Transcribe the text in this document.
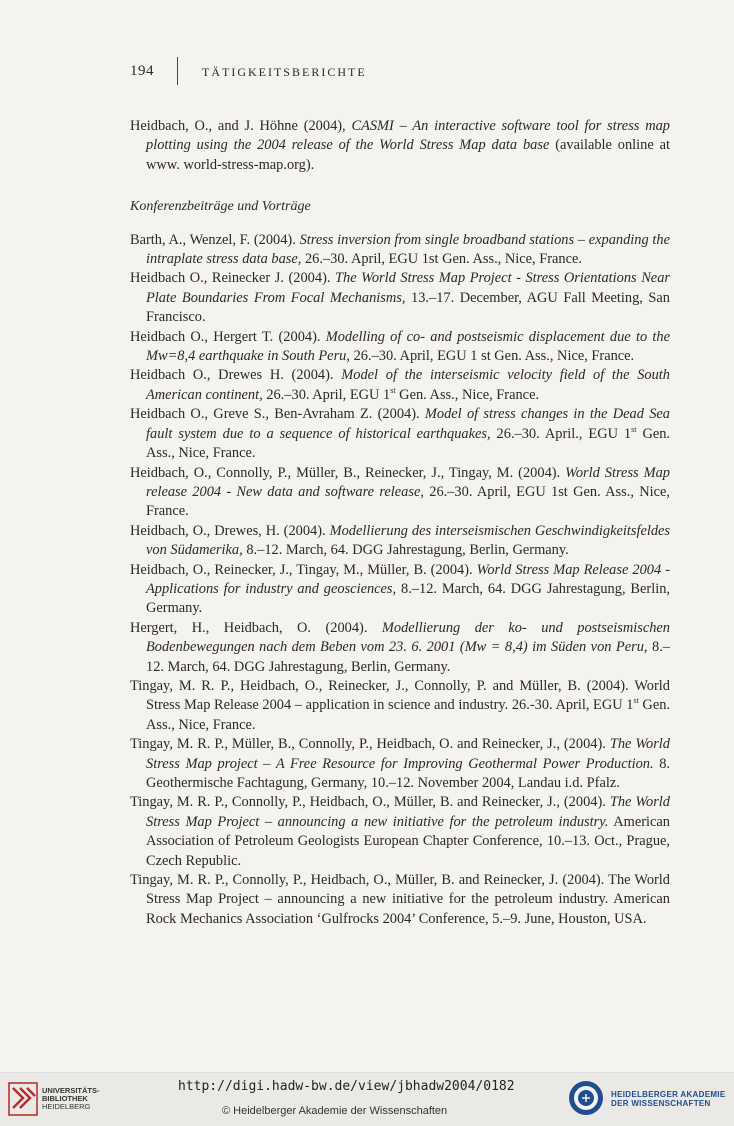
194	TÄTIGKEITSBERICHTE

Heidbach, O., and J. Höhne (2004), CASMI – An interactive software tool for stress map plotting using the 2004 release of the World Stress Map data base (available online at www. world-stress-map.org).

Konferenzbeiträge und Vorträge

Barth, A., Wenzel, F. (2004). Stress inversion from single broadband stations – expanding the intraplate stress data base, 26.–30. April, EGU 1st Gen. Ass., Nice, France.

Heidbach O., Reinecker J. (2004). The World Stress Map Project - Stress Orientations Near Plate Boundaries From Focal Mechanisms, 13.–17. December, AGU Fall Meeting, San Francisco.

Heidbach O., Hergert T. (2004). Modelling of co- and postseismic displacement due to the Mw=8,4 earthquake in South Peru, 26.–30. April, EGU 1 st Gen. Ass., Nice, France.

Heidbach O., Drewes H. (2004). Model of the interseismic velocity field of the South American continent, 26.–30. April, EGU 1st Gen. Ass., Nice, France.

Heidbach O., Greve S., Ben-Avraham Z. (2004). Model of stress changes in the Dead Sea fault system due to a sequence of historical earthquakes, 26.–30. April., EGU 1st Gen. Ass., Nice, France.

Heidbach, O., Connolly, P., Müller, B., Reinecker, J., Tingay, M. (2004). World Stress Map release 2004 - New data and software release, 26.–30. April, EGU 1st Gen. Ass., Nice, France.

Heidbach, O., Drewes, H. (2004). Modellierung des interseismischen Geschwindigkeitsfeldes von Südamerika, 8.–12. March, 64. DGG Jahrestagung, Berlin, Germany.

Heidbach, O., Reinecker, J., Tingay, M., Müller, B. (2004). World Stress Map Release 2004 - Applications for industry and geosciences, 8.–12. March, 64. DGG Jahrestagung, Berlin, Germany.

Hergert, H., Heidbach, O. (2004). Modellierung der ko- und postseismischen Bodenbewegungen nach dem Beben vom 23. 6. 2001 (Mw = 8,4) im Süden von Peru, 8.–12. March, 64. DGG Jahrestagung, Berlin, Germany.

Tingay, M. R. P., Heidbach, O., Reinecker, J., Connolly, P. and Müller, B. (2004). World Stress Map Release 2004 – application in science and industry. 26.-30. April, EGU 1st Gen. Ass., Nice, France.

Tingay, M. R. P., Müller, B., Connolly, P., Heidbach, O. and Reinecker, J., (2004). The World Stress Map project – A Free Resource for Improving Geothermal Power Production. 8. Geothermische Fachtagung, Germany, 10.–12. November 2004, Landau i.d. Pfalz.

Tingay, M. R. P., Connolly, P., Heidbach, O., Müller, B. and Reinecker, J., (2004). The World Stress Map Project – announcing a new initiative for the petroleum industry. American Association of Petroleum Geologists European Chapter Conference, 10.–13. Oct., Prague, Czech Republic.

Tingay, M. R. P., Connolly, P., Heidbach, O., Müller, B. and Reinecker, J. (2004). The World Stress Map Project – announcing a new initiative for the petroleum industry. American Rock Mechanics Association ‘Gulfrocks 2004’ Conference, 5.–9. June, Houston, USA.

UNIVERSITÄTS-
BIBLIOTHEK
HEIDELBERG
http://digi.hadw-bw.de/view/jbhadw2004/0182
© Heidelberger Akademie der Wissenschaften
HEIDELBERGER AKADEMIE
DER WISSENSCHAFTEN
